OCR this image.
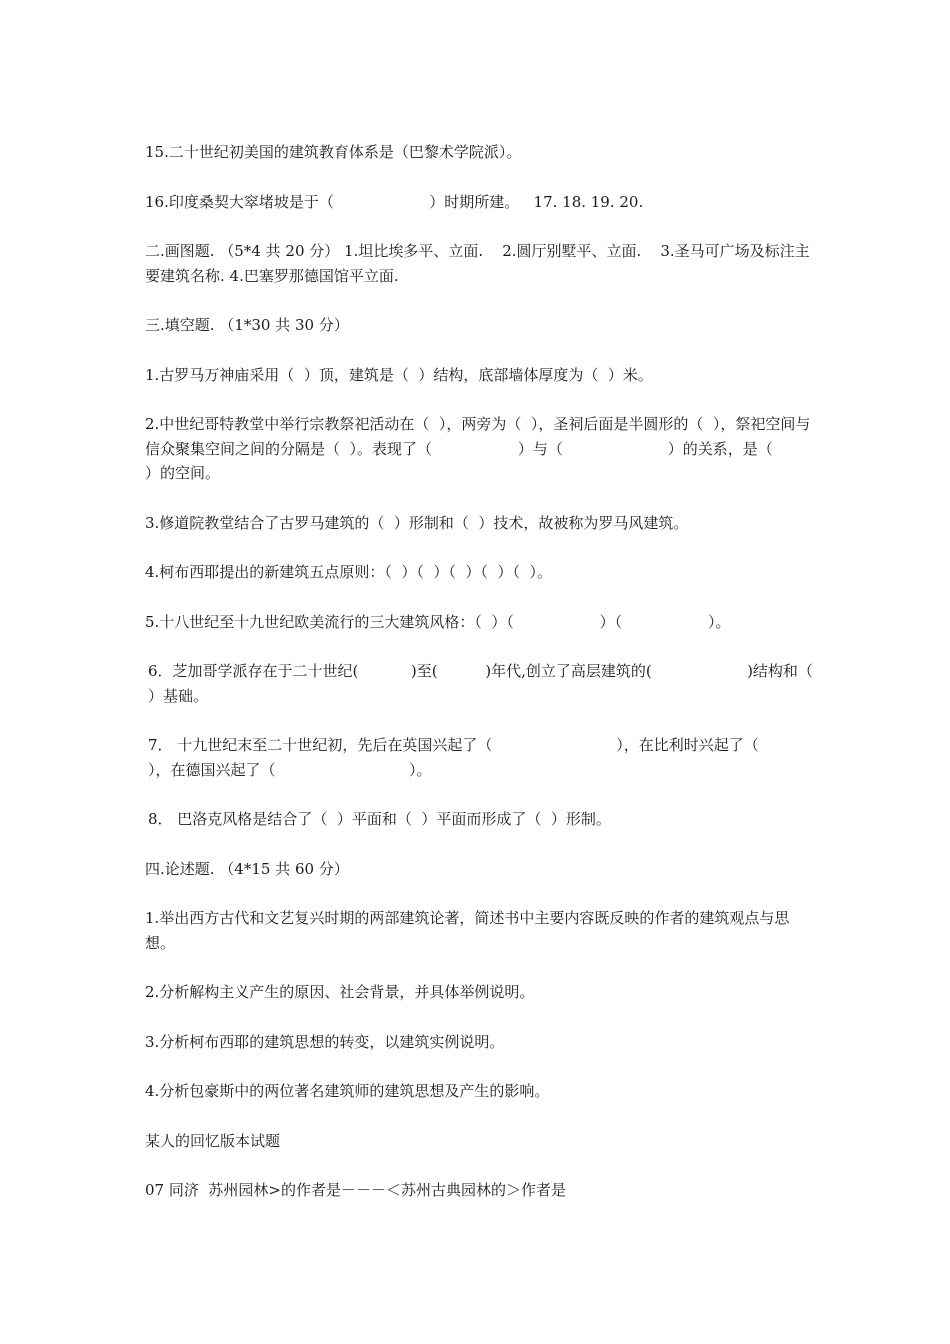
15.二十世纪初美国的建筑教育体系是（巴黎术学院派）。

16.印度桑契大窣堵坡是于（                    ）时期所建。   17. 18. 19. 20.

二.画图题. （5*4 共 20 分） 1.坦比埃多平、立面.    2.圆厅别墅平、立面.    3.圣马可广场及标注主要建筑名称. 4.巴塞罗那德国馆平立面.

三.填空题. （1*30 共 30 分）

1.古罗马万神庙采用（  ）顶，建筑是（  ）结构，底部墙体厚度为（  ）米。

2.中世纪哥特教堂中举行宗教祭祀活动在（  ），两旁为（  ），圣祠后面是半圆形的（  ），祭祀空间与信众聚集空间之间的分隔是（  ）。表现了（                  ）与（                      ）的关系，是（                    ）的空间。

3.修道院教堂结合了古罗马建筑的（  ）形制和（  ）技术，故被称为罗马风建筑。

4.柯布西耶提出的新建筑五点原则：（  ）（  ）（  ）（  ）（  ）。

5.十八世纪至十九世纪欧美流行的三大建筑风格：（  ）（                  ）（                  ）。

6．芝加哥学派存在于二十世纪(           )至(          )年代,创立了高层建筑的(                    )结构和（                  ）基础。

7． 十九世纪末至二十世纪初，先后在英国兴起了（                          ），在比利时兴起了（                          ），在德国兴起了（                            ）。

8． 巴洛克风格是结合了（  ）平面和（  ）平面而形成了（  ）形制。

四.论述题. （4*15 共 60 分）

1.举出西方古代和文艺复兴时期的两部建筑论著，简述书中主要内容既反映的作者的建筑观点与思想。

2.分析解构主义产生的原因、社会背景，并具体举例说明。

3.分析柯布西耶的建筑思想的转变，以建筑实例说明。

4.分析包豪斯中的两位著名建筑师的建筑思想及产生的影响。

某人的回忆版本试题

07 同济  苏州园林>的作者是－－－＜苏州古典园林的＞作者是
